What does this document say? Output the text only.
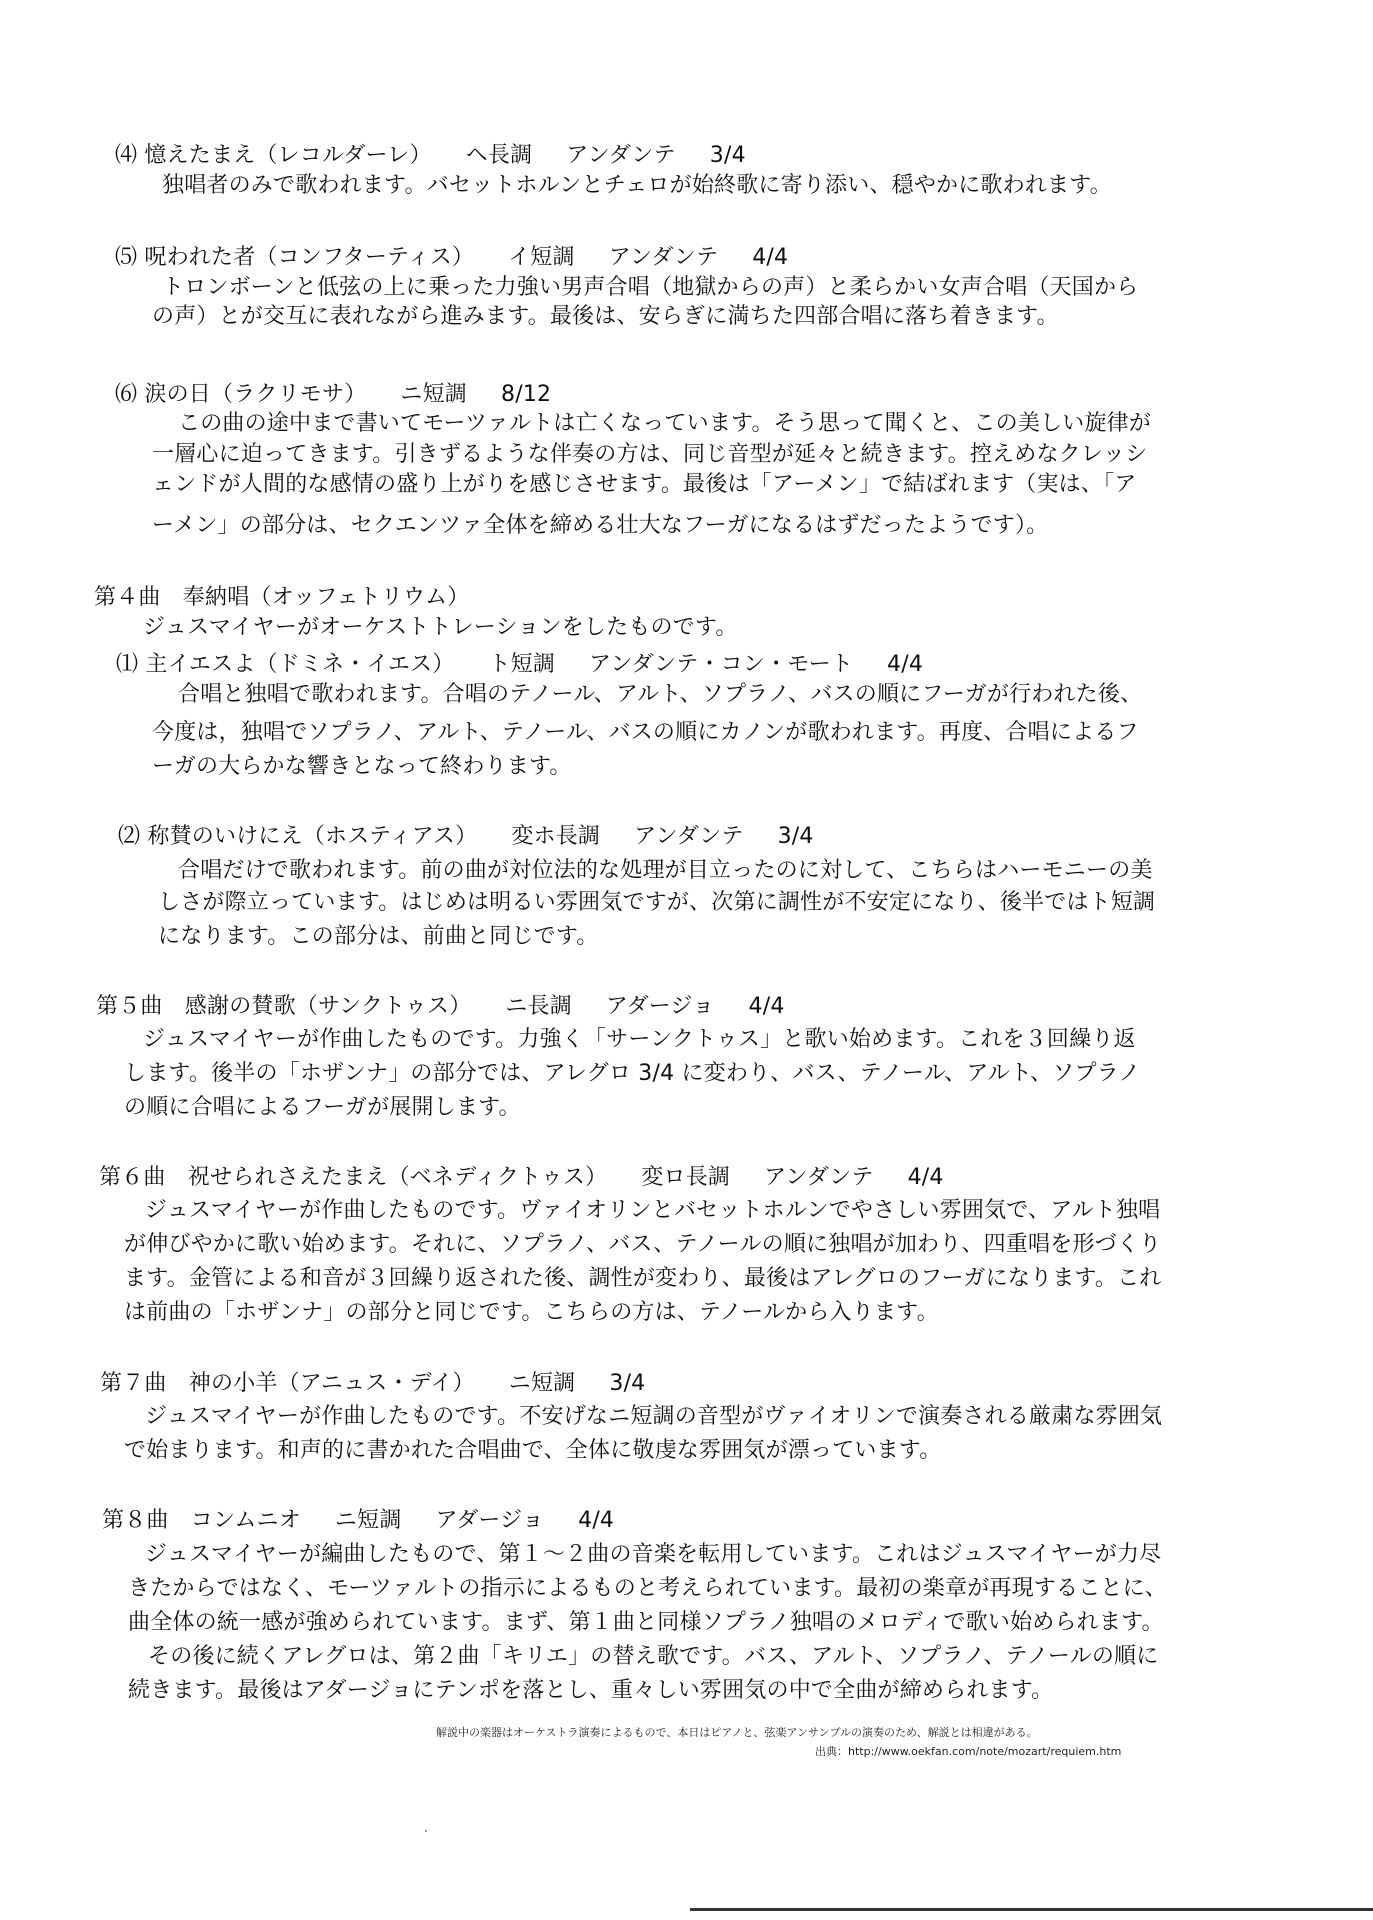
⑷ 憶えたまえ（レコルダーレ） ヘ長調 アンダンテ 3/4
独唱者のみで歌われます。バセットホルンとチェロが始終歌に寄り添い、穏やかに歌われます。
⑸ 呪われた者（コンフターティス） イ短調 アンダンテ 4/4
トロンボーンと低弦の上に乗った力強い男声合唱（地獄からの声）と柔らかい女声合唱（天国から
の声）とが交互に表れながら進みます。最後は、安らぎに満ちた四部合唱に落ち着きます。
⑹ 涙の日（ラクリモサ） ニ短調 8/12
この曲の途中まで書いてモーツァルトは亡くなっています。そう思って聞くと、この美しい旋律が
一層心に迫ってきます。引きずるような伴奏の方は、同じ音型が延々と続きます。控えめなクレッシ
ェンドが人間的な感情の盛り上がりを感じさせます。最後は「アーメン」で結ばれます（実は、「ア
ーメン」の部分は、セクエンツァ全体を締める壮大なフーガになるはずだったようです）。
第４曲　奉納唱（オッフェトリウム）
ジュスマイヤーがオーケストトレーションをしたものです。
⑴ 主イエスよ（ドミネ・イエス） ト短調 アンダンテ・コン・モート 4/4
合唱と独唱で歌われます。合唱のテノール、アルト、ソプラノ、バスの順にフーガが行われた後、
今度は，独唱でソプラノ、アルト、テノール、バスの順にカノンが歌われます。再度、合唱によるフ
ーガの大らかな響きとなって終わります。
⑵ 称賛のいけにえ（ホスティアス） 変ホ長調 アンダンテ 3/4
合唱だけで歌われます。前の曲が対位法的な処理が目立ったのに対して、こちらはハーモニーの美
しさが際立っています。はじめは明るい雰囲気ですが、次第に調性が不安定になり、後半ではト短調
になります。この部分は、前曲と同じです。
第５曲　感謝の賛歌（サンクトゥス） ニ長調 アダージョ 4/4
ジュスマイヤーが作曲したものです。力強く「サーンクトゥス」と歌い始めます。これを３回繰り返
します。後半の「ホザンナ」の部分では、アレグロ 3/4 に変わり、バス、テノール、アルト、ソプラノ
の順に合唱によるフーガが展開します。
第６曲　祝せられさえたまえ（ベネディクトゥス） 変ロ長調 アンダンテ 4/4
ジュスマイヤーが作曲したものです。ヴァイオリンとバセットホルンでやさしい雰囲気で、アルト独唱
が伸びやかに歌い始めます。それに、ソプラノ、バス、テノールの順に独唱が加わり、四重唱を形づくり
ます。金管による和音が３回繰り返された後、調性が変わり、最後はアレグロのフーガになります。これ
は前曲の「ホザンナ」の部分と同じです。こちらの方は、テノールから入ります。
第７曲　神の小羊（アニュス・デイ） ニ短調 3/4
ジュスマイヤーが作曲したものです。不安げなニ短調の音型がヴァイオリンで演奏される厳粛な雰囲気
で始まります。和声的に書かれた合唱曲で、全体に敬虔な雰囲気が漂っています。
第８曲　コンムニオ ニ短調 アダージョ 4/4
ジュスマイヤーが編曲したもので、第１～２曲の音楽を転用しています。これはジュスマイヤーが力尽
きたからではなく、モーツァルトの指示によるものと考えられています。最初の楽章が再現することに、
曲全体の統一感が強められています。まず、第１曲と同様ソプラノ独唱のメロディで歌い始められます。
その後に続くアレグロは、第２曲「キリエ」の替え歌です。バス、アルト、ソプラノ、テノールの順に
続きます。最後はアダージョにテンポを落とし、重々しい雰囲気の中で全曲が締められます。
解説中の楽器はオーケストラ演奏によるもので、本日はピアノと、弦楽アンサンブルの演奏のため、解説とは相違がある。
出典：http://www.oekfan.com/note/mozart/requiem.htm
